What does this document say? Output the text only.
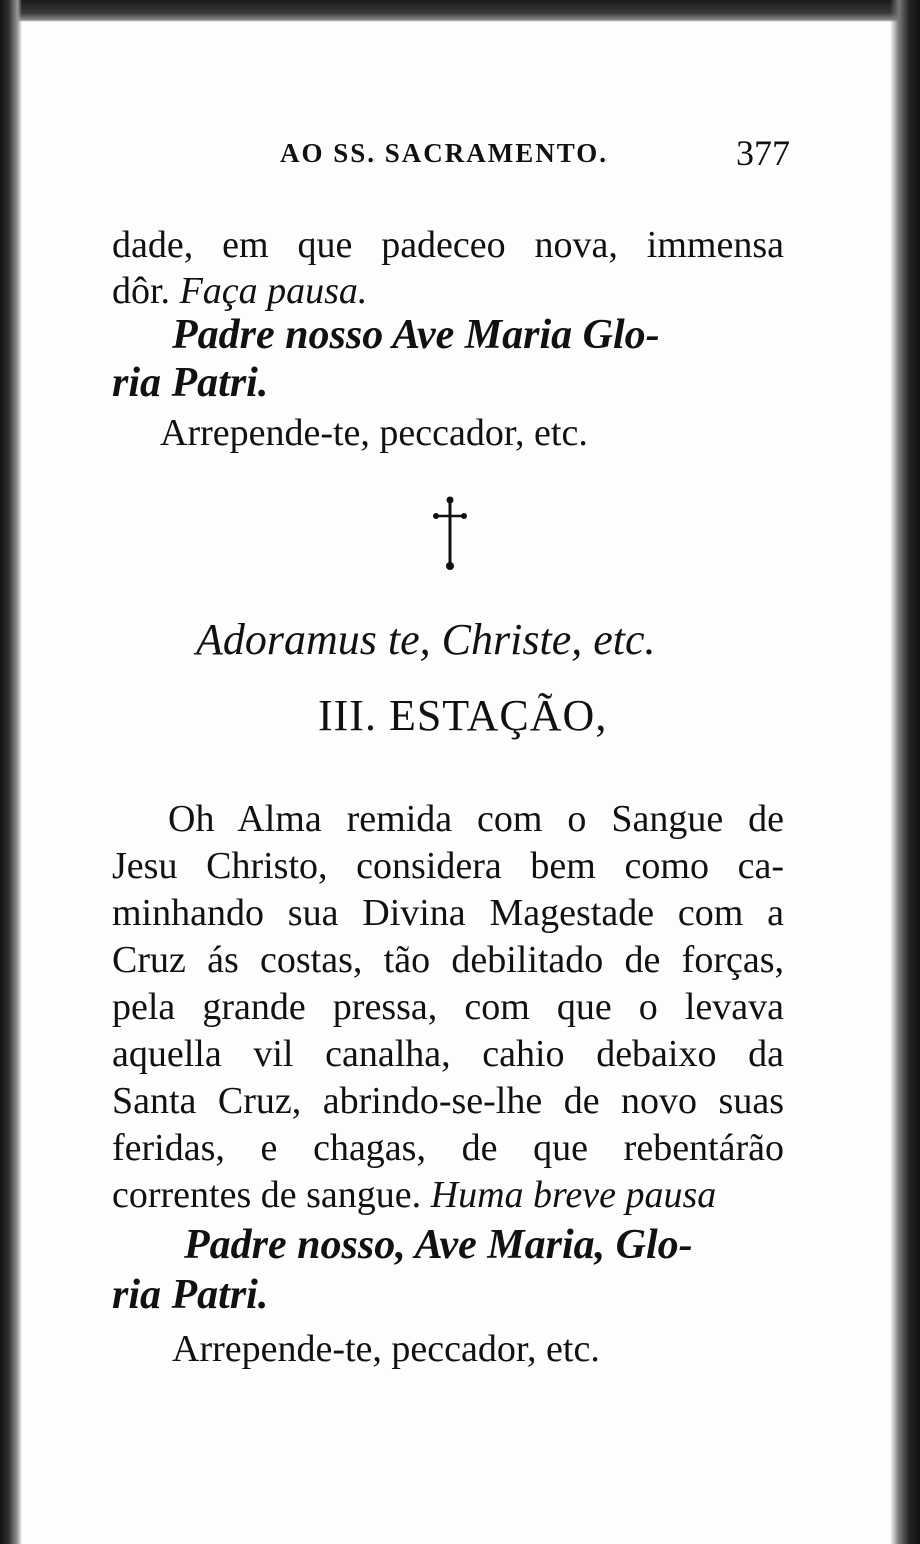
AO SS. SACRAMENTO.	377
dade, em que padeceo nova, immensa
dôr. Faça pausa.
Padre nosso Ave Maria Glo-
ria Patri.
Arrepende-te, peccador, etc.
Adoramus te, Christe, etc.
III. ESTAÇÃO,
Oh Alma remida com o Sangue de
Jesu Christo, considera bem como ca-
minhando sua Divina Magestade com a
Cruz ás costas, tão debilitado de forças,
pela grande pressa, com que o levava
aquella vil canalha, cahio debaixo da
Santa Cruz, abrindo-se-lhe de novo suas
feridas, e chagas, de que rebentárão
correntes de sangue. Huma breve pausa
Padre nosso, Ave Maria, Glo-
ria Patri.
Arrepende-te, peccador, etc.
